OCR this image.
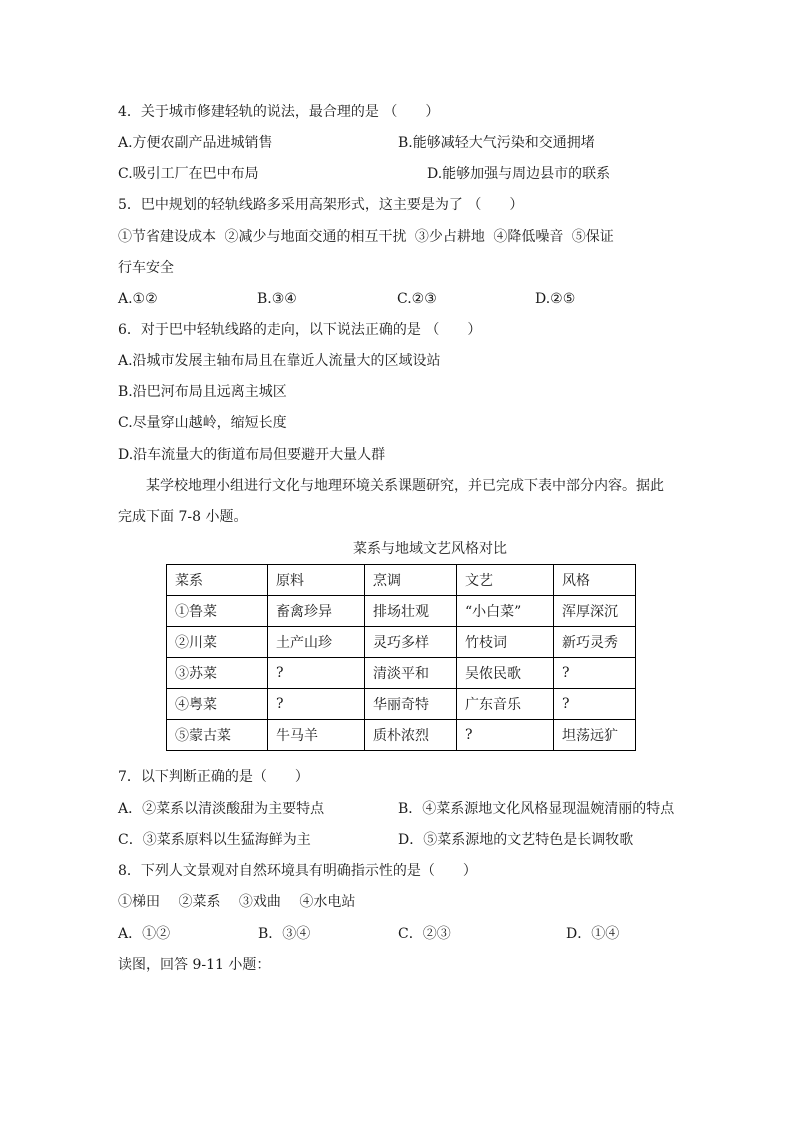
4．关于城市修建轻轨的说法，最合理的是 （　　）
A.方便农副产品进城销售	B.能够减轻大气污染和交通拥堵
C.吸引工厂在巴中布局	D.能够加强与周边县市的联系
5．巴中规划的轻轨线路多采用高架形式，这主要是为了 （　　）
①节省建设成本 ②减少与地面交通的相互干扰 ③少占耕地 ④降低噪音 ⑤保证
行车安全
A.①②	B.③④	C.②③	D.②⑤
6．对于巴中轻轨线路的走向，以下说法正确的是 （　　）
A.沿城市发展主轴布局且在靠近人流量大的区域设站
B.沿巴河布局且远离主城区
C.尽量穿山越岭，缩短长度
D.沿车流量大的街道布局但要避开大量人群
某学校地理小组进行文化与地理环境关系课题研究，并已完成下表中部分内容。据此
完成下面 7-8 小题。
菜系与地域文艺风格对比
菜系	原料	烹调	文艺	风格
①鲁菜	畜禽珍异	排场壮观	“小白菜”	浑厚深沉
②川菜	土产山珍	灵巧多样	竹枝词	新巧灵秀
③苏菜	?	清淡平和	吴侬民歌	?
④粤菜	?	华丽奇特	广东音乐	?
⑤蒙古菜	牛马羊	质朴浓烈	?	坦荡远犷
7．以下判断正确的是（　　）
A．②菜系以清淡酸甜为主要特点	B．④菜系源地文化风格显现温婉清丽的特点
C．③菜系原料以生猛海鲜为主	D．⑤菜系源地的文艺特色是长调牧歌
8．下列人文景观对自然环境具有明确指示性的是（　　）
①梯田　 ②菜系　 ③戏曲　 ④水电站
A．①②	B．③④	C．②③	D．①④
读图，回答 9-11 小题：
